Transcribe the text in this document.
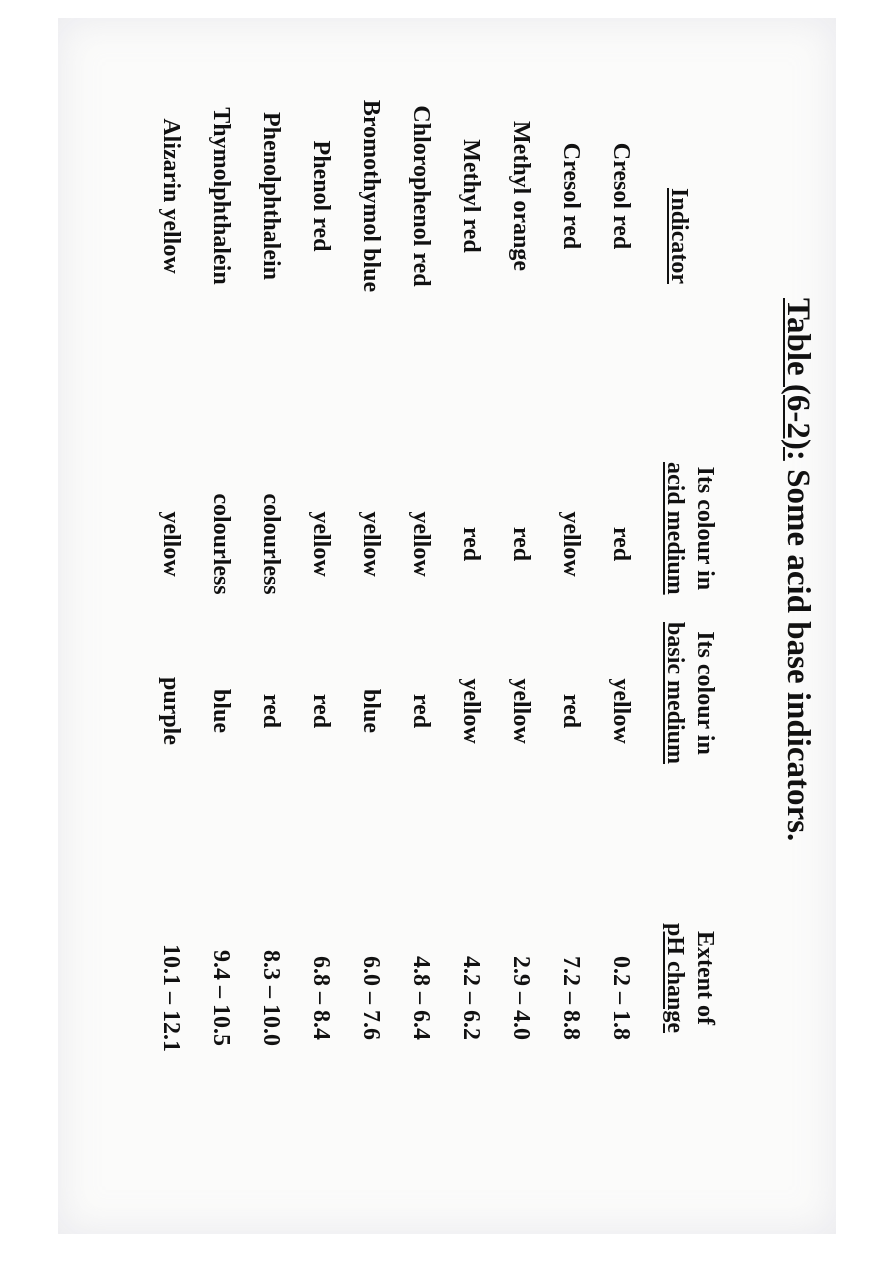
Table (6-2): Some acid base indicators.
Indicator
Its colour in
acid medium
Its colour in
basic medium
Extent of
pH change
Cresol red
red
yellow
0.2 – 1.8
Cresol red
yellow
red
7.2 – 8.8
Methyl orange
red
yellow
2.9 – 4.0
Methyl red
red
yellow
4.2 – 6.2
Chlorophenol red
yellow
red
4.8 – 6.4
Bromothymol blue
yellow
blue
6.0 – 7.6
Phenol red
yellow
red
6.8 – 8.4
Phenolphthalein
colourless
red
8.3 – 10.0
Thymolphthalein
colourless
blue
9.4 – 10.5
Alizarin yellow
yellow
purple
10.1 – 12.1
